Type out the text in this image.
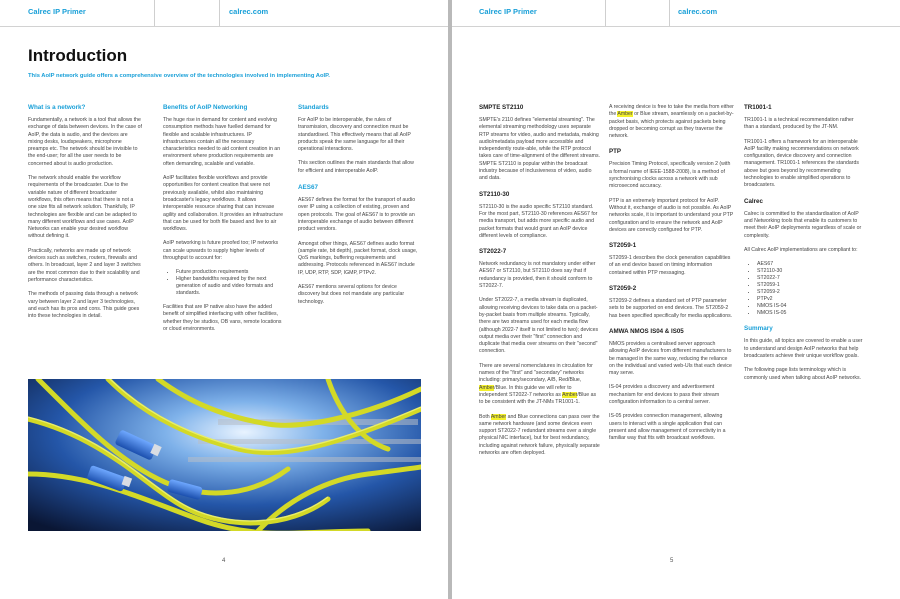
Calrec IP Primer	calrec.com
Introduction
This AoIP network guide offers a comprehensive overview of the technologies involved in implementing AoIP.
What is a network?

Fundamentally, a network is a tool that allows the exchange of data between devices. In the case of AoIP, the data is audio, and the devices are mixing desks, loudspeakers, microphone preamps etc. The network should be invisible to the end-user; for all the user needs to be concerned about is audio production.

The network should enable the workflow requirements of the broadcaster. Due to the variable nature of different broadcaster workflows, this often means that there is not a one size fits all network solution. Thankfully, IP technologies are flexible and can be adapted to many different workflows and use cases. AoIP Networks can enable your desired workflow without defining it.

Practically, networks are made up of network devices such as switches, routers, firewalls and others. In broadcast, layer 2 and layer 3 switches are the most common due to their scalability and performance characteristics.

The methods of passing data through a network vary between layer 2 and layer 3 technologies, and each has its pros and cons. This guide goes into these technologies in detail.

Benefits of AoIP Networking

The huge rise in demand for content and evolving consumption methods have fuelled demand for flexible and scalable infrastructures. IP infrastructures contain all the necessary characteristics needed to aid content creation in an environment where production requirements are often demanding, scalable and variable.

AoIP facilitates flexible workflows and provide opportunities for content creation that were not previously available, whilst also maintaining broadcaster's legacy workflows. It allows interoperable resource sharing that can increase agility and collaboration. It provides an infrastructure that can be used for both file based and live to air workflows.

AoIP networking is future proofed too; IP networks can scale upwards to supply higher levels of throughput to account for:

• Future production requirements
• Higher bandwidths required by the next generation of audio and video formats and standards.

Facilities that are IP native also have the added benefit of simplified interfacing with other facilities, whether they be studios, OB vans, remote locations or cloud environments.

Standards

For AoIP to be interoperable, the rules of transmission, discovery and connection must be standardised. This effectively means that all AoIP products speak the same language for all their operational interactions.

This section outlines the main standards that allow for efficient and interoperable AoIP.

AES67

AES67 defines the format for the transport of audio over IP using a collection of existing, proven and open protocols. The goal of AES67 is to provide an interoperable exchange of audio between different product vendors.

Amongst other things, AES67 defines audio format (sample rate, bit depth), packet format, clock usage, QoS markings, buffering requirements and addressing. Protocols referenced in AES67 include IP, UDP, RTP, SDP, IGMP, PTPv2.

AES67 mentions several options for device discovery but does not mandate any particular technology.

4
Calrec IP Primer	calrec.com
SMPTE ST2110

SMPTE's 2110 defines "elemental streaming". The elemental streaming methodology uses separate RTP streams for video, audio and metadata, making audio/metadata payload more accessible and independently route-able, while the RTP protocol takes care of time-alignment of the different streams. SMPTE ST2110 is popular within the broadcast industry because of inclusiveness of video, audio and data.

ST2110-30

ST2110-30 is the audio specific ST2110 standard. For the most part, ST2110-30 references AES67 for media transport, but adds more specific audio and packet formats that would grant an AoIP device different levels of compliance.

ST2022-7

Network redundancy is not mandatory under either AES67 or ST2110, but ST2110 does say that if redundancy is provided, then it should conform to ST2022-7.

Under ST2022-7, a media stream is duplicated, allowing receiving devices to take data on a packet-by-packet basis from multiple streams. Typically, there are two streams used for each media flow (although 2022-7 itself is not limited to two); devices output media over their "first" connection and duplicate that media over streams on their "second" connection.

There are several nomenclatures in circulation for names of the "first" and "secondary" networks including: primary/secondary, A/B, Red/Blue, Amber/Blue. In this guide we will refer to independent ST2022-7 networks as Amber/Blue as to be consistent with the JT-NMs TR1001-1.

Both Amber and Blue connections can pass over the same network hardware (and some devices even support ST2022-7 redundant streams over a single physical NIC interface), but for best redundancy, including against network failure, physically separate networks are often deployed.

A receiving device is free to take the media from either the Amber or Blue stream, seamlessly on a packet-by-packet basis, which protects against packets being dropped or becoming corrupt as they traverse the network.

PTP

Precision Timing Protocol, specifically version 2 (with a formal name of IEEE-1588-2008), is a method of synchronising clocks across a network with sub microsecond accuracy.

PTP is an extremely important protocol for AoIP. Without it, exchange of audio is not possible. As AoIP networks scale, it is important to understand your PTP configuration and to ensure the network and AoIP devices are correctly configured for PTP.

ST2059-1

ST2059-1 describes the clock generation capabilities of an end device based on timing information contained within PTP messaging.

ST2059-2

ST2059-2 defines a standard set of PTP parameter sets to be supported on end devices. The ST2059-2 has been specified specifically for media applications.

AMWA NMOS IS04 & IS05

NMOS provides a centralised server approach allowing AoIP devices from different manufacturers to be managed in the same way, reducing the reliance on the individual and varied web-UIs that each device may serve.

IS-04 provides a discovery and advertisement mechanism for end devices to pass their stream configuration information to a central server.

IS-05 provides connection management, allowing users to interact with a single application that can present and allow management of connectivity in a familiar way that fits with broadcast workflows.

TR1001-1

TR1001-1 is a technical recommendation rather than a standard, produced by the JT-NM.

TR1001-1 offers a framework for an interoperable AoIP facility making recommendations on network configuration, device discovery and connection management. TR1001-1 references the standards above but goes beyond by recommending technologies to enable simplified operations to broadcasters.

Calrec

Calrec is committed to the standardisation of AoIP and Networking tools that enable its customers to meet their AoIP deployments regardless of scale or complexity.

All Calrec AoIP implementations are compliant to:

• AES67
• ST2110-30
• ST2022-7
• ST2059-1
• ST2059-2
• PTPv2
• NMOS IS-04
• NMOS IS-05
Summary

In this guide, all topics are covered to enable a user to understand and design AoIP networks that help broadcasters achieve their unique workflow goals.

The following page lists terminology which is commonly used when talking about AoIP networks.

5
